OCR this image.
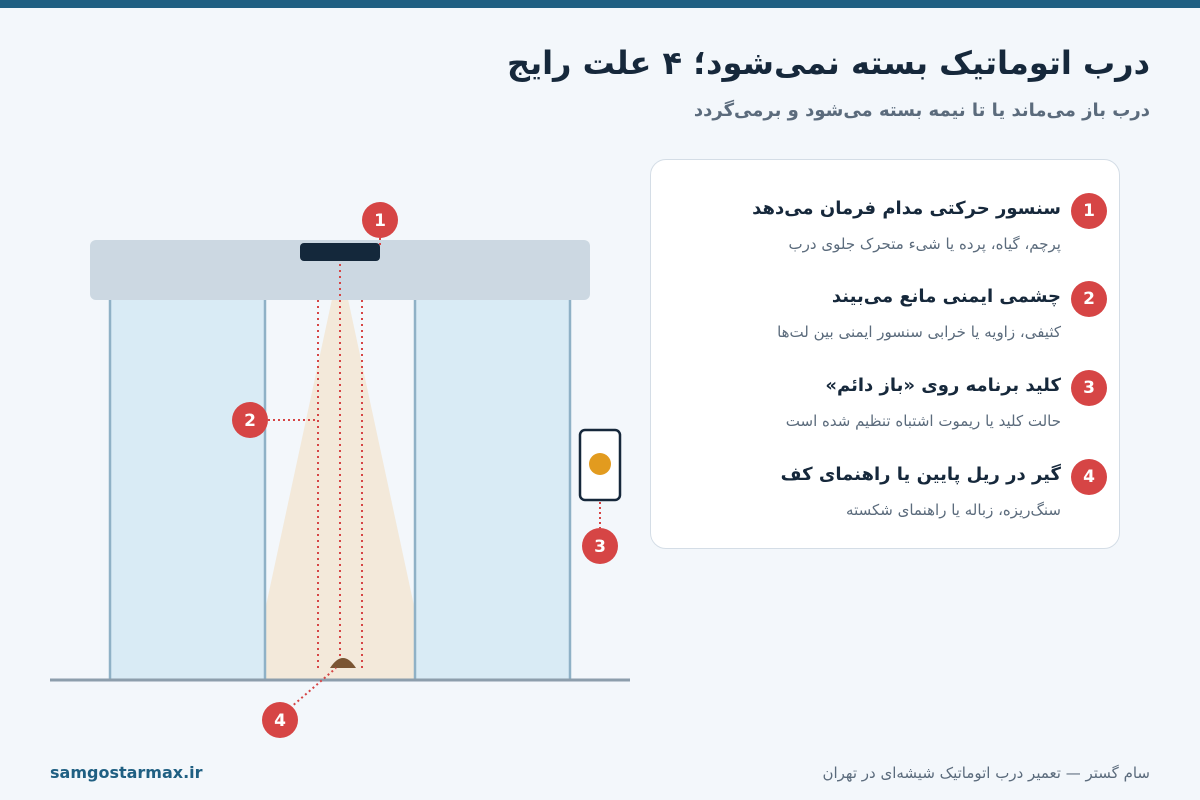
درب اتوماتیک بسته نمی‌شود؛ ۴ علت رایج
درب باز می‌ماند یا تا نیمه بسته می‌شود و برمی‌گردد
1
2
3
4
1
سنسور حرکتی مدام فرمان می‌دهد
پرچم، گیاه، پرده یا شیء متحرک جلوی درب
2
چشمی ایمنی مانع می‌بیند
کثیفی، زاویه یا خرابی سنسور ایمنی بین لت‌ها
3
کلید برنامه روی «باز دائم»
حالت کلید یا ریموت اشتباه تنظیم شده است
4
گیر در ریل پایین یا راهنمای کف
سنگ‌ریزه، زباله یا راهنمای شکسته
samgostarmax.ir	سام گستر — تعمیر درب اتوماتیک شیشه‌ای در تهران
